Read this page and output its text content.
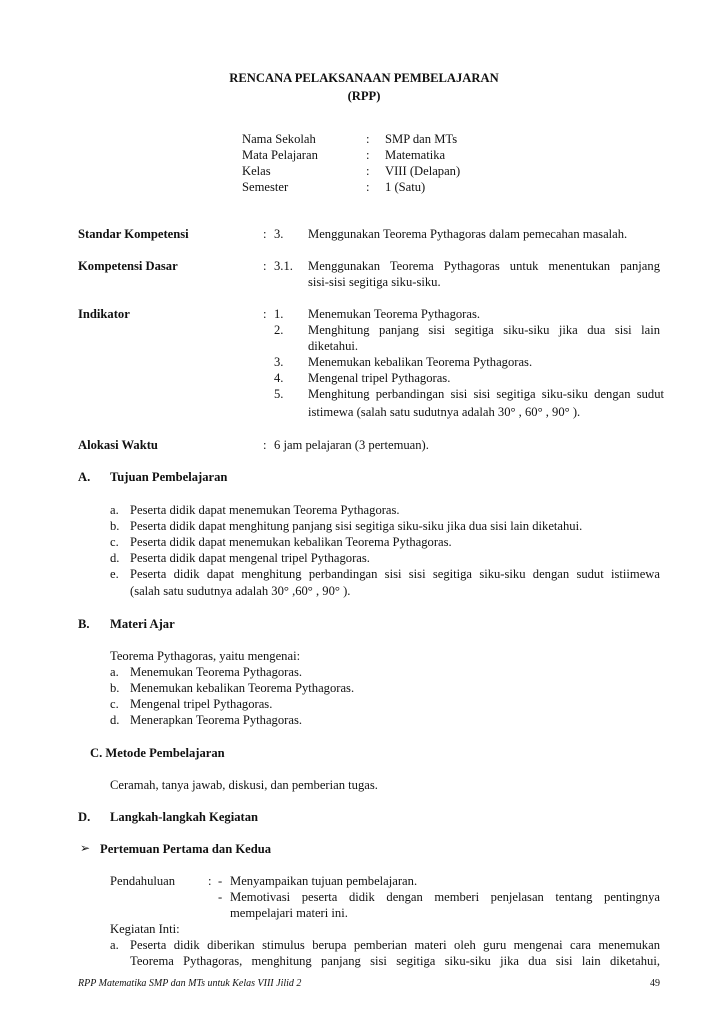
RENCANA PELAKSANAAN PEMBELAJARAN
(RPP)
Nama Sekolah	: SMP dan MTs
Mata Pelajaran	: Matematika
Kelas	: VIII (Delapan)
Semester	: 1 (Satu)
Standar Kompetensi	: 3. Menggunakan Teorema Pythagoras dalam pemecahan masalah.
Kompetensi Dasar	: 3.1. Menggunakan Teorema Pythagoras untuk menentukan panjang
sisi-sisi segitiga siku-siku.
Indikator	: 1. Menemukan Teorema Pythagoras.
2. Menghitung panjang sisi segitiga siku-siku jika dua sisi lain
diketahui.
3. Menemukan kebalikan Teorema Pythagoras.
4. Mengenal tripel Pythagoras.
5. Menghitung perbandingan sisi sisi segitiga siku-siku dengan sudut
istimewa (salah satu sudutnya adalah 30° , 60° , 90° ).
Alokasi Waktu	: 6 jam pelajaran (3 pertemuan).
A. Tujuan Pembelajaran
a. Peserta didik dapat menemukan Teorema Pythagoras.
b. Peserta didik dapat menghitung panjang sisi segitiga siku-siku jika dua sisi lain diketahui.
c. Peserta didik dapat menemukan kebalikan Teorema Pythagoras.
d. Peserta didik dapat mengenal tripel Pythagoras.
e. Peserta didik dapat menghitung perbandingan sisi sisi segitiga siku-siku dengan sudut istiimewa
(salah satu sudutnya adalah 30° ,60° , 90° ).
B. Materi Ajar
Teorema Pythagoras, yaitu mengenai:
a. Menemukan Teorema Pythagoras.
b. Menemukan kebalikan Teorema Pythagoras.
c. Mengenal tripel Pythagoras.
d. Menerapkan Teorema Pythagoras.
C. Metode Pembelajaran
Ceramah, tanya jawab, diskusi, dan pemberian tugas.
D. Langkah-langkah Kegiatan
➢ Pertemuan Pertama dan Kedua
Pendahuluan	: - Menyampaikan tujuan pembelajaran.
- Memotivasi peserta didik dengan memberi penjelasan tentang pentingnya
mempelajari materi ini.
Kegiatan Inti:
a. Peserta didik diberikan stimulus berupa pemberian materi oleh guru mengenai cara menemukan
Teorema Pythagoras, menghitung panjang sisi segitiga siku-siku jika dua sisi lain diketahui,
RPP Matematika SMP dan MTs untuk Kelas VIII Jilid 2	49
